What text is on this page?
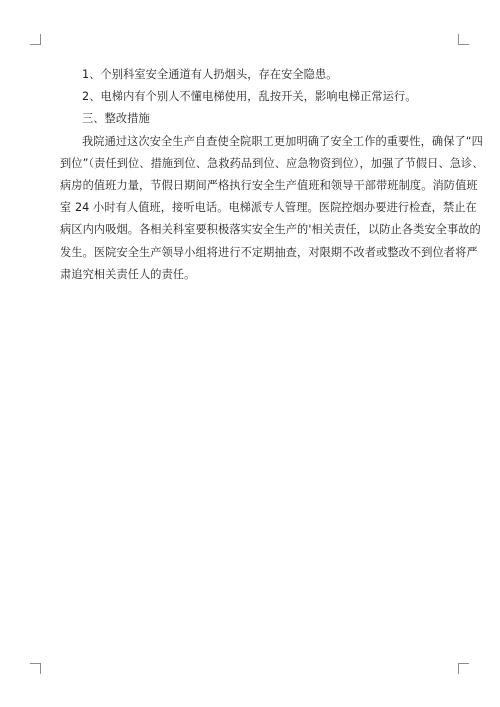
1、个别科室安全通道有人扔烟头，存在安全隐患。

2、电梯内有个别人不懂电梯使用，乱按开关，影响电梯正常运行。

三、整改措施

我院通过这次安全生产自查使全院职工更加明确了安全工作的重要性，确保了“四
到位”（责任到位、措施到位、急救药品到位、应急物资到位），加强了节假日、急诊、
病房的值班力量，节假日期间严格执行安全生产值班和领导干部带班制度。消防值班
室 24 小时有人值班，接听电话。电梯派专人管理。医院控烟办要进行检查，禁止在
病区内内吸烟。各相关科室要积极落实安全生产的'相关责任，以防止各类安全事故的
发生。医院安全生产领导小组将进行不定期抽查，对限期不改者或整改不到位者将严
肃追究相关责任人的责任。
